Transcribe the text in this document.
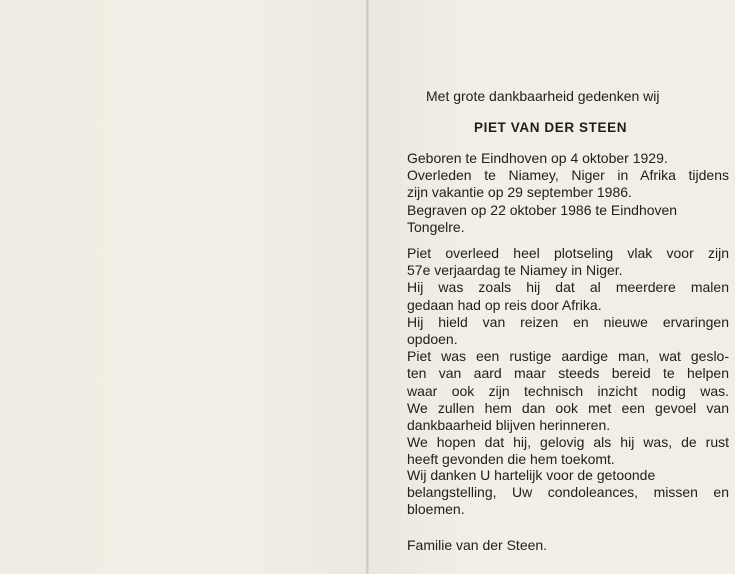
Met grote dankbaarheid gedenken wij
PIET VAN DER STEEN
Geboren te Eindhoven op 4 oktober 1929.
Overleden te Niamey, Niger in Afrika tijdens
zijn vakantie op 29 september 1986.
Begraven op 22 oktober 1986 te Eindhoven
Tongelre.
Piet overleed heel plotseling vlak voor zijn
57e verjaardag te Niamey in Niger.
Hij was zoals hij dat al meerdere malen
gedaan had op reis door Afrika.
Hij hield van reizen en nieuwe ervaringen
opdoen.
Piet was een rustige aardige man, wat geslo-
ten van aard maar steeds bereid te helpen
waar ook zijn technisch inzicht nodig was.
We zullen hem dan ook met een gevoel van
dankbaarheid blijven herinneren.
We hopen dat hij, gelovig als hij was, de rust
heeft gevonden die hem toekomt.
Wij danken U hartelijk voor de getoonde
belangstelling, Uw condoleances, missen en
bloemen.
Familie van der Steen.
